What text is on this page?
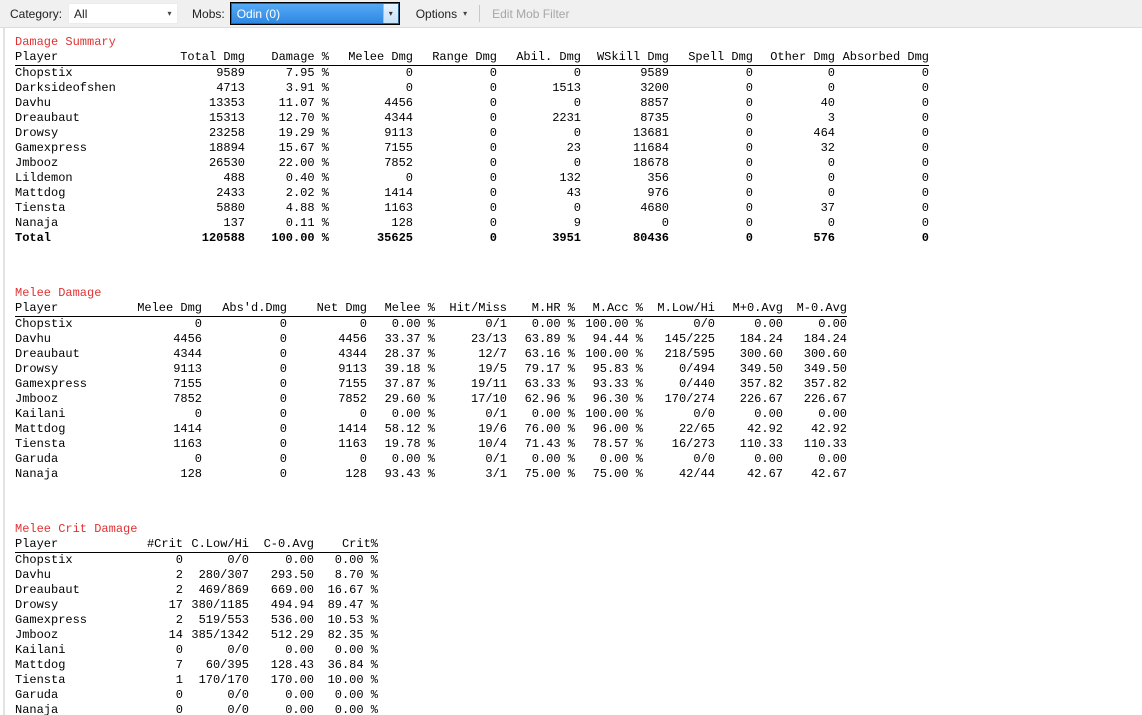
Category:	All	▾	Mobs:	Odin (0)	▾	Options ▾	Edit Mob Filter
Damage Summary
Player	Total Dmg	Damage %	Melee Dmg	Range Dmg	Abil. Dmg	WSkill Dmg	Spell Dmg	Other Dmg	Absorbed Dmg
Chopstix	9589	7.95 %	0	0	0	9589	0	0	0
Darksideofshen	4713	3.91 %	0	0	1513	3200	0	0	0
Davhu	13353	11.07 %	4456	0	0	8857	0	40	0
Dreaubaut	15313	12.70 %	4344	0	2231	8735	0	3	0
Drowsy	23258	19.29 %	9113	0	0	13681	0	464	0
Gamexpress	18894	15.67 %	7155	0	23	11684	0	32	0
Jmbooz	26530	22.00 %	7852	0	0	18678	0	0	0
Lildemon	488	0.40 %	0	0	132	356	0	0	0
Mattdog	2433	2.02 %	1414	0	43	976	0	0	0
Tiensta	5880	4.88 %	1163	0	0	4680	0	37	0
Nanaja	137	0.11 %	128	0	9	0	0	0	0
Total	120588	100.00 %	35625	0	3951	80436	0	576	0
Melee Damage
Player	Melee Dmg	Abs'd.Dmg	Net Dmg	Melee %	Hit/Miss	M.HR %	M.Acc %	M.Low/Hi	M+0.Avg	M-0.Avg
Chopstix	0	0	0	0.00 %	0/1	0.00 %	100.00 %	0/0	0.00	0.00
Davhu	4456	0	4456	33.37 %	23/13	63.89 %	94.44 %	145/225	184.24	184.24
Dreaubaut	4344	0	4344	28.37 %	12/7	63.16 %	100.00 %	218/595	300.60	300.60
Drowsy	9113	0	9113	39.18 %	19/5	79.17 %	95.83 %	0/494	349.50	349.50
Gamexpress	7155	0	7155	37.87 %	19/11	63.33 %	93.33 %	0/440	357.82	357.82
Jmbooz	7852	0	7852	29.60 %	17/10	62.96 %	96.30 %	170/274	226.67	226.67
Kailani	0	0	0	0.00 %	0/1	0.00 %	100.00 %	0/0	0.00	0.00
Mattdog	1414	0	1414	58.12 %	19/6	76.00 %	96.00 %	22/65	42.92	42.92
Tiensta	1163	0	1163	19.78 %	10/4	71.43 %	78.57 %	16/273	110.33	110.33
Garuda	0	0	0	0.00 %	0/1	0.00 %	0.00 %	0/0	0.00	0.00
Nanaja	128	0	128	93.43 %	3/1	75.00 %	75.00 %	42/44	42.67	42.67
Melee Crit Damage
Player	#Crit	C.Low/Hi	C-0.Avg	Crit%
Chopstix	0	0/0	0.00	0.00 %
Davhu	2	280/307	293.50	8.70 %
Dreaubaut	2	469/869	669.00	16.67 %
Drowsy	17	380/1185	494.94	89.47 %
Gamexpress	2	519/553	536.00	10.53 %
Jmbooz	14	385/1342	512.29	82.35 %
Kailani	0	0/0	0.00	0.00 %
Mattdog	7	60/395	128.43	36.84 %
Tiensta	1	170/170	170.00	10.00 %
Garuda	0	0/0	0.00	0.00 %
Nanaja	0	0/0	0.00	0.00 %
